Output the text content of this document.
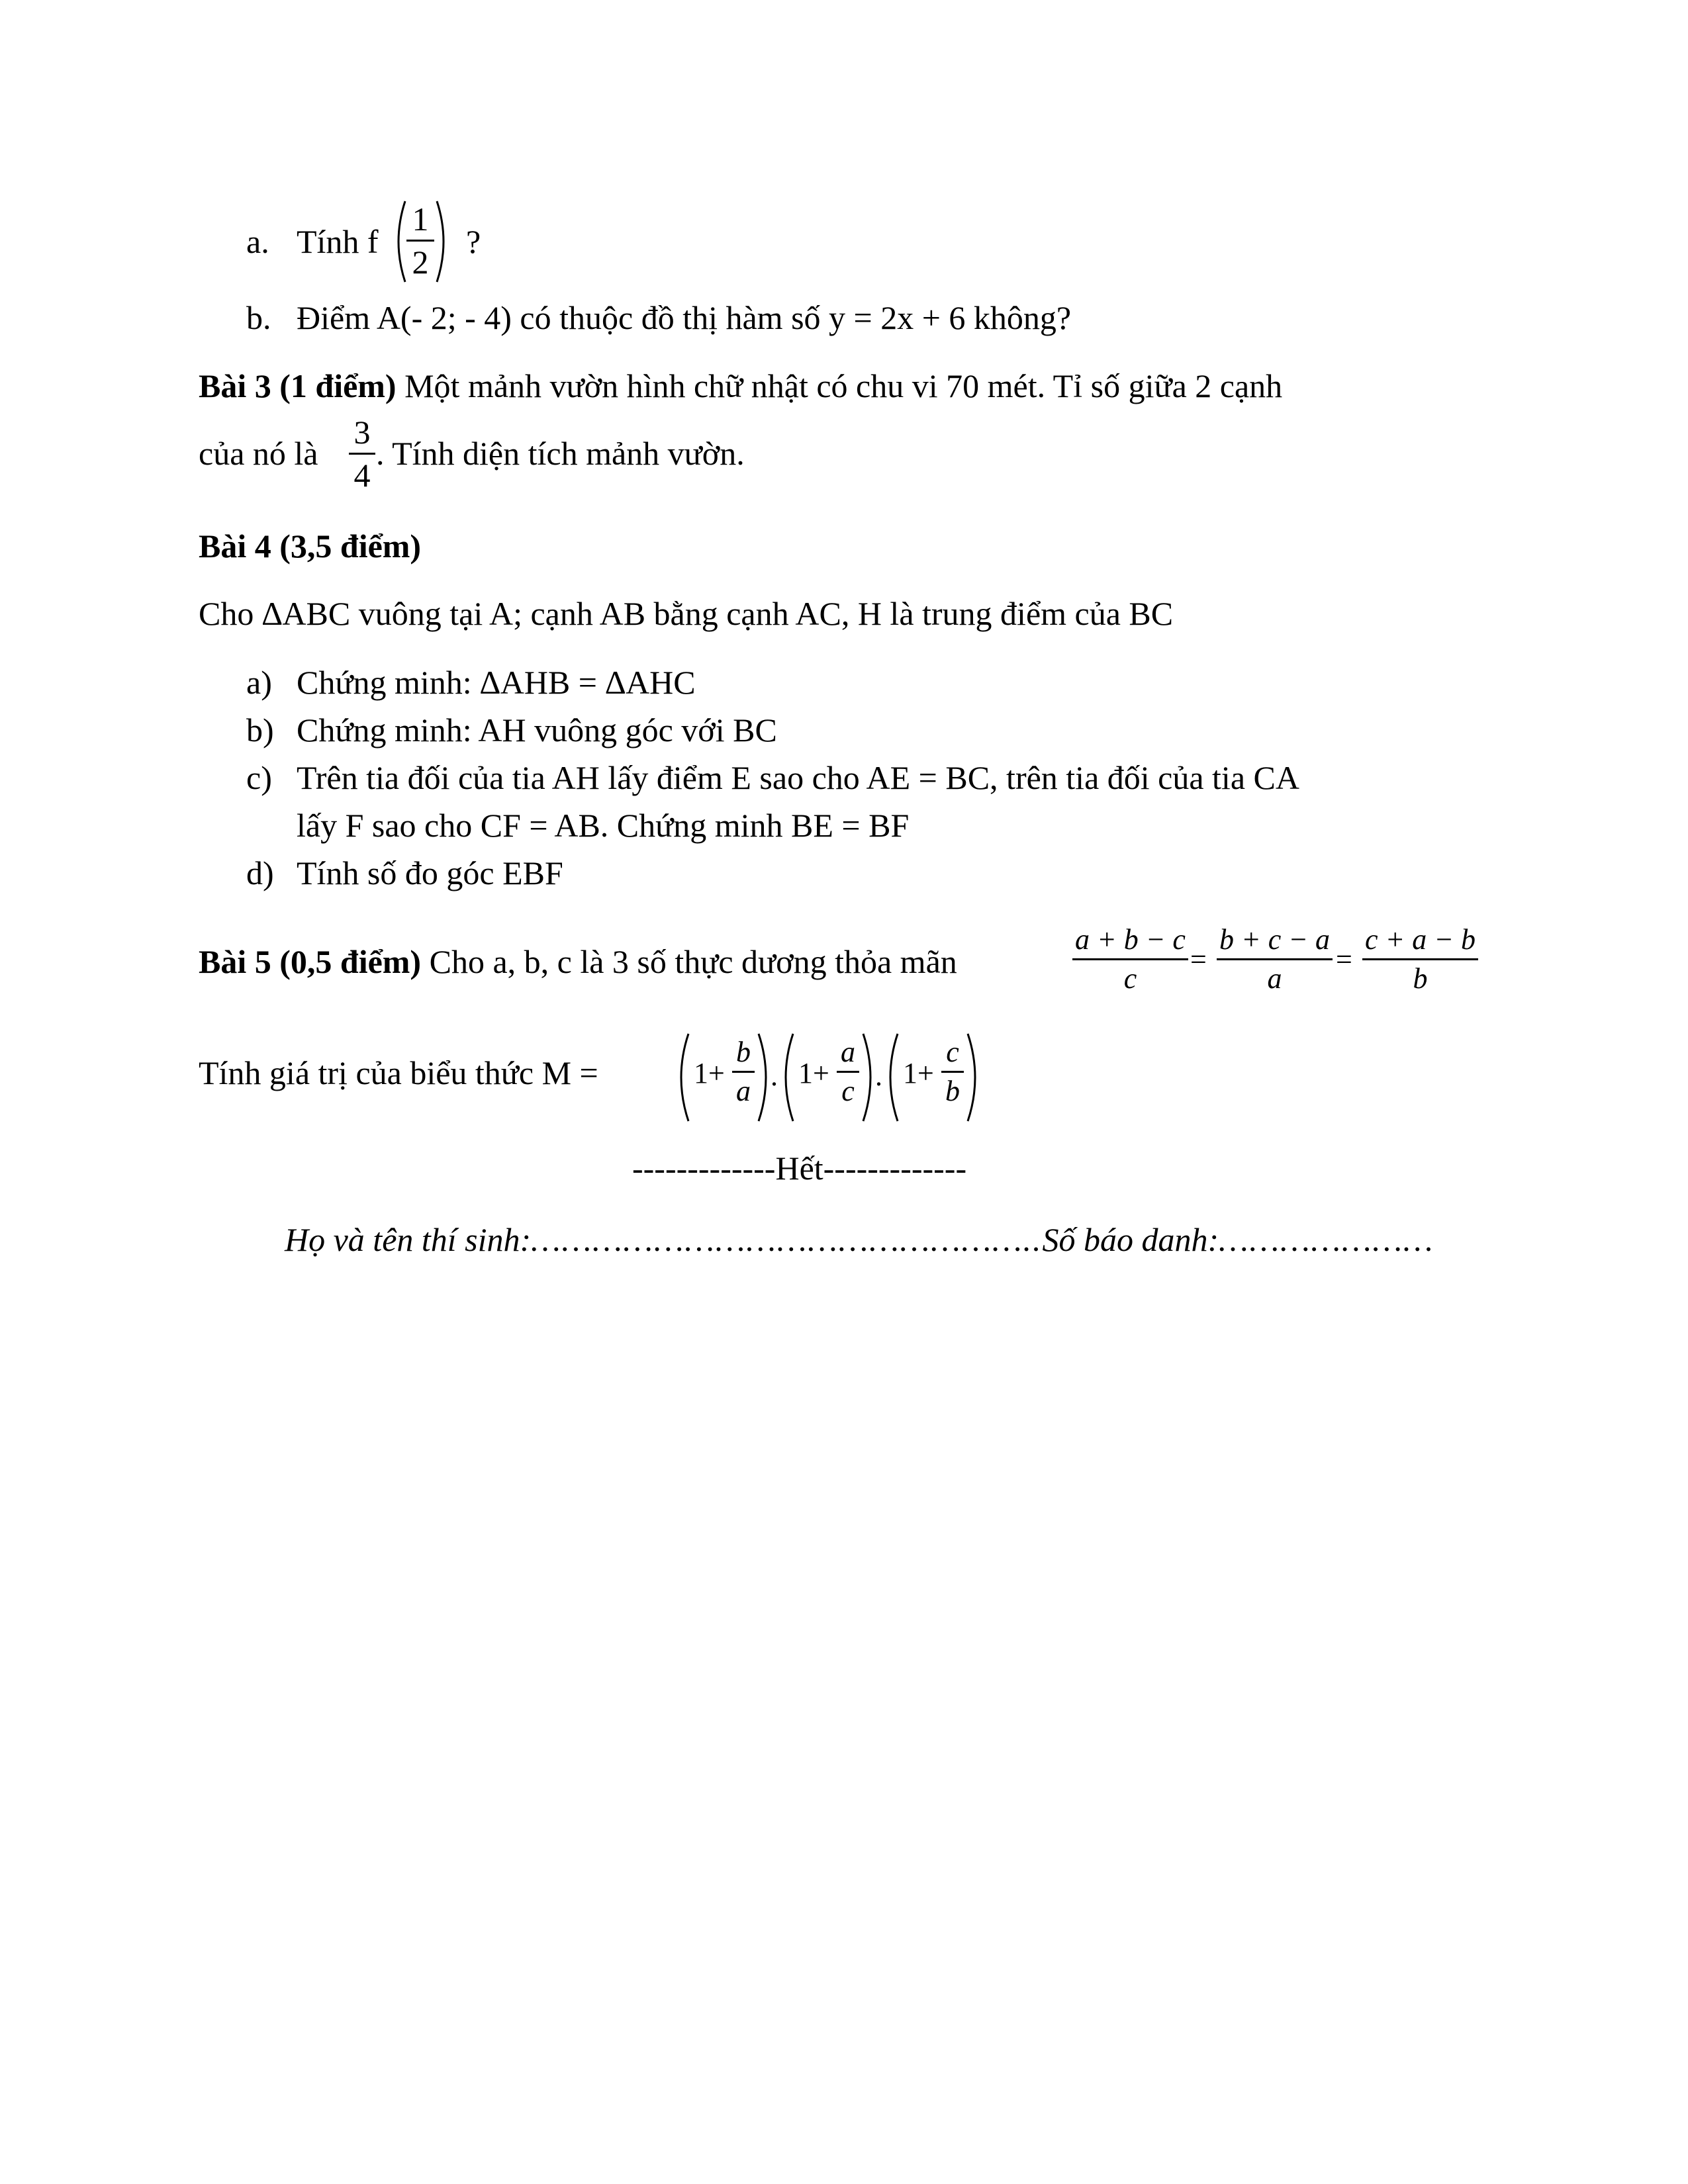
a. Tính f
1
2
?
b. Điểm A(- 2; - 4) có thuộc đồ thị hàm số y = 2x + 6 không?
Bài 3 (1 điểm) Một mảnh vườn hình chữ nhật có chu vi 70 mét. Tỉ số giữa 2 cạnh
của nó là
3
4
. Tính diện tích mảnh vườn.
Bài 4 (3,5 điểm)
Cho ∆ABC vuông tại A; cạnh AB bằng cạnh AC, H là trung điểm của BC
a) Chứng minh: ∆AHB = ∆AHC
b) Chứng minh: AH vuông góc với BC
c) Trên tia đối của tia AH lấy điểm E sao cho AE = BC, trên tia đối của tia CA
lấy F sao cho CF = AB. Chứng minh BE = BF
d) Tính số đo góc EBF
Bài 5 (0,5 điểm) Cho a, b, c là 3 số thực dương thỏa mãn
a + b − c
c
=
b + c − a
a
=
c + a − b
b
Tính giá trị của biểu thức M =	1+
b
a . 1+
a
c . 1+
c
b
-------------Hết-------------
Họ và tên thí sinh:…………………………………………..Số báo danh:…………………
